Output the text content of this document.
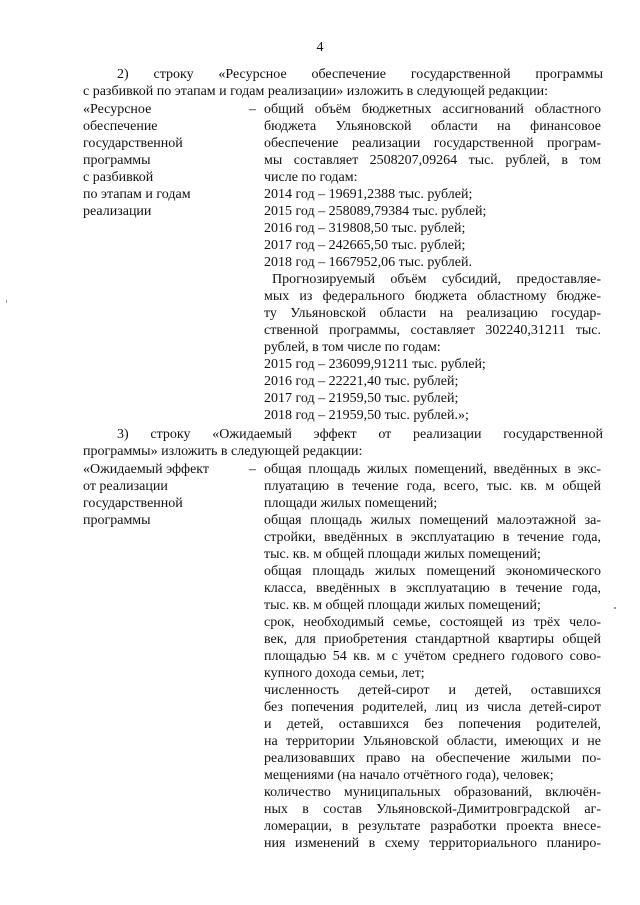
4
2) строку «Ресурсное обеспечение государственной программы
с разбивкой по этапам и годам реализации» изложить в следующей редакции:
«Ресурсное
обеспечение
государственной
программы
с разбивкой
по этапам и годам
реализации
– общий объём бюджетных ассигнований областного
бюджета Ульяновской области на финансовое
обеспечение реализации государственной програм-
мы составляет 2508207,09264 тыс. рублей, в том
числе по годам:
2014 год – 19691,2388 тыс. рублей;
2015 год – 258089,79384 тыс. рублей;
2016 год – 319808,50 тыс. рублей;
2017 год – 242665,50 тыс. рублей;
2018 год – 1667952,06 тыс. рублей.
Прогнозируемый объём субсидий, предоставляе-
мых из федерального бюджета областному бюдже-
ту Ульяновской области на реализацию государ-
ственной программы, составляет 302240,31211 тыс.
рублей, в том числе по годам:
2015 год – 236099,91211 тыс. рублей;
2016 год – 22221,40 тыс. рублей;
2017 год – 21959,50 тыс. рублей;
2018 год – 21959,50 тыс. рублей.»;
3) строку «Ожидаемый эффект от реализации государственной
программы» изложить в следующей редакции:
«Ожидаемый эффект
от реализации
государственной
программы
– общая площадь жилых помещений, введённых в экс-
плуатацию в течение года, всего, тыс. кв. м общей
площади жилых помещений;
общая площадь жилых помещений малоэтажной за-
стройки, введённых в эксплуатацию в течение года,
тыс. кв. м общей площади жилых помещений;
общая площадь жилых помещений экономического
класса, введённых в эксплуатацию в течение года,
тыс. кв. м общей площади жилых помещений;
срок, необходимый семье, состоящей из трёх чело-
век, для приобретения стандартной квартиры общей
площадью 54 кв. м с учётом среднего годового сово-
купного дохода семьи, лет;
численность детей-сирот и детей, оставшихся
без попечения родителей, лиц из числа детей-сирот
и детей, оставшихся без попечения родителей,
на территории Ульяновской области, имеющих и не
реализовавших право на обеспечение жилыми по-
мещениями (на начало отчётного года), человек;
количество муниципальных образований, включён-
ных в состав Ульяновской-Димитровградской аг-
ломерации, в результате разработки проекта внесе-
ния изменений в схему территориального планиро-
